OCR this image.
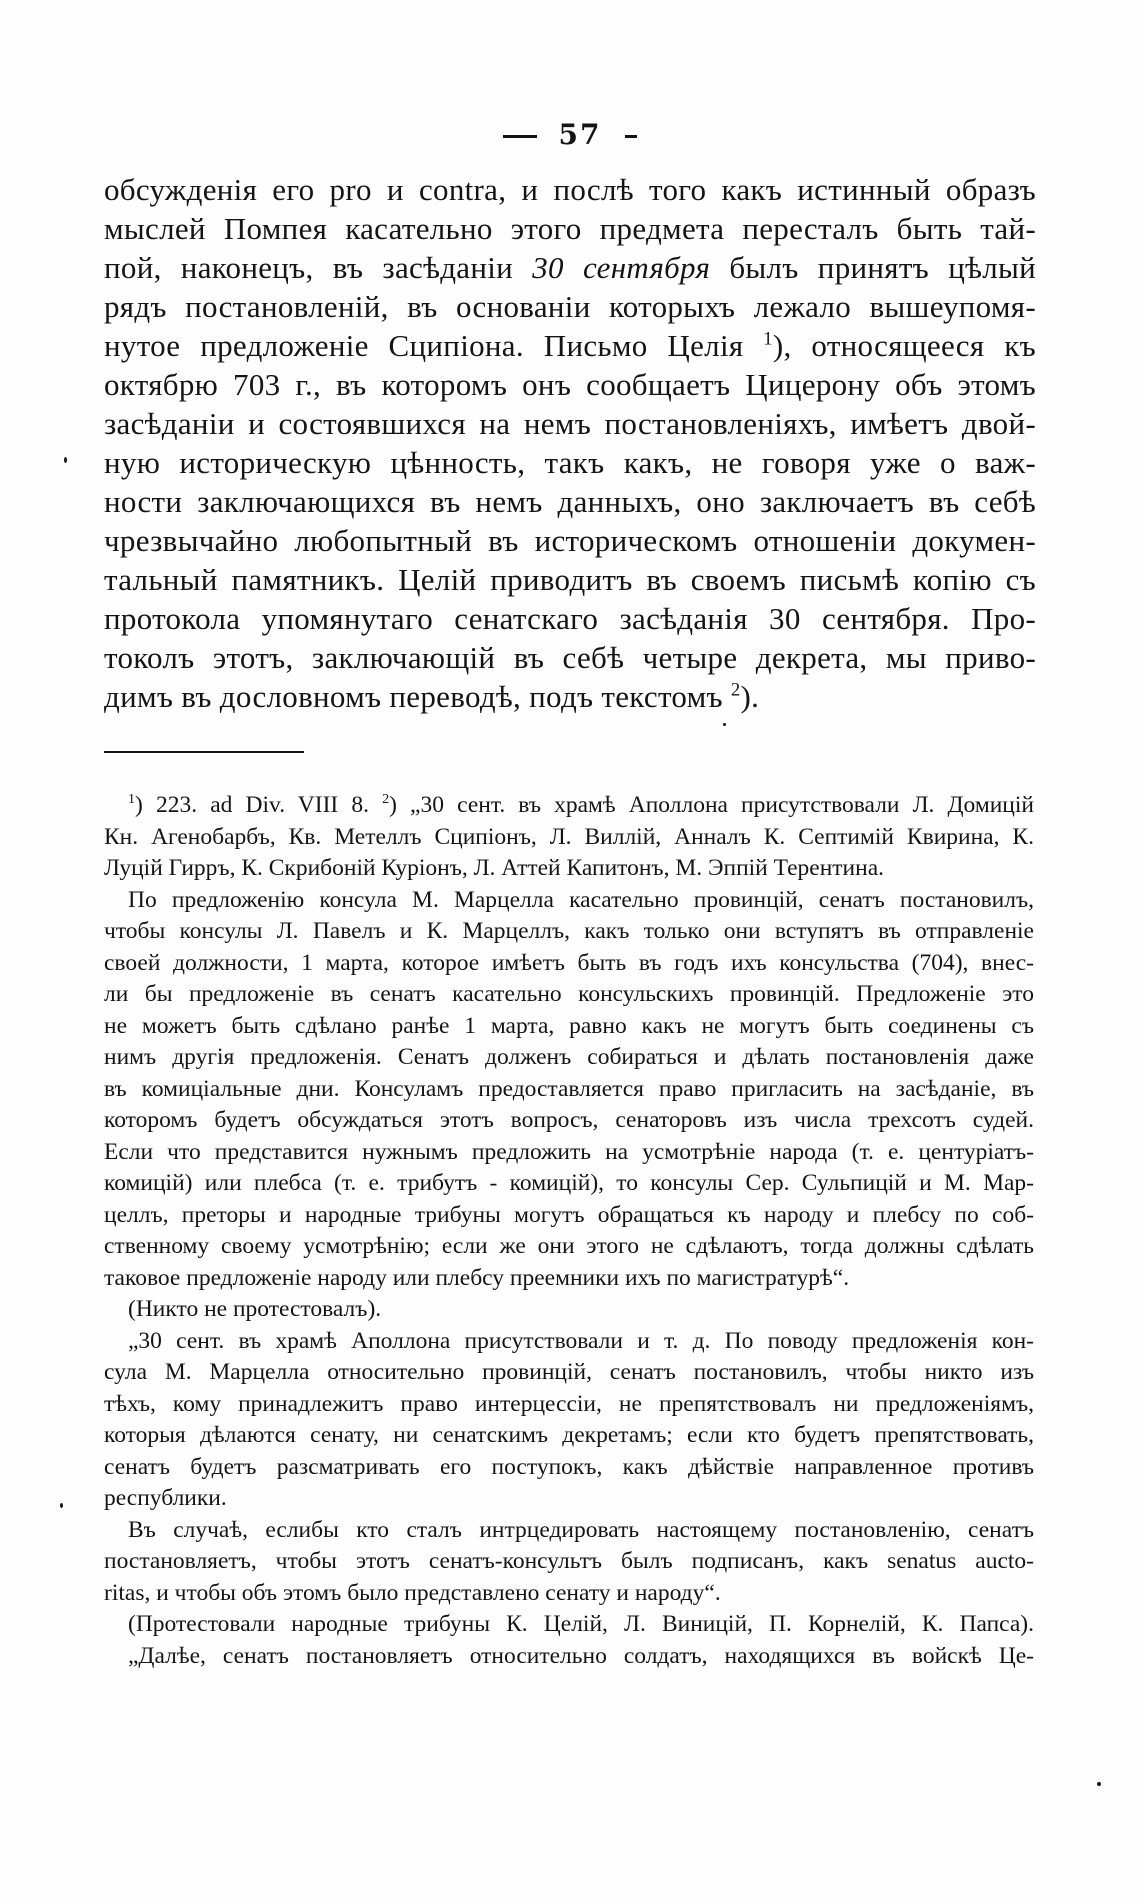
57
обсужденія его pro и contra, и послѣ того какъ истинный образъ
мыслей Помпея касательно этого предмета пересталъ быть тай-
пой, наконецъ, въ засѣданіи 30 сентября былъ принятъ цѣлый
рядъ постановленій, въ основаніи которыхъ лежало вышеупомя-
нутое предложеніе Сципіона. Письмо Целія $^1$), относящееся къ
октябрю 703 г., въ которомъ онъ сообщаетъ Цицерону объ этомъ
засѣданіи и состоявшихся на немъ постановленіяхъ, имѣетъ двой-
ную историческую цѣнность, такъ какъ, не говоря уже о важ-
ности заключающихся въ немъ данныхъ, оно заключаетъ въ себѣ
чрезвычайно любопытный въ историческомъ отношеніи докумен-
тальный памятникъ. Целій приводитъ въ своемъ письмѣ копію съ
протокола упомянутаго сенатскаго засѣданія 30 сентября. Про-
токолъ этотъ, заключающій въ себѣ четыре декрета, мы приво-
димъ въ дословномъ переводѣ, подъ текстомъ $^2$).
$^1$) 223. ad Div. VIII 8. $^2$) „30 сент. въ храмѣ Аполлона присутствовали Л. Домицій
Кн. Агенобарбъ, Кв. Метеллъ Сципіонъ, Л. Виллій, Анналъ К. Септимій Квирина, К.
Луцій Гирръ, К. Скрибоній Куріонъ, Л. Аттей Капитонъ, М. Эппій Терентина.
По предложенію консула М. Марцелла касательно провинцій, сенатъ постановилъ,
чтобы консулы Л. Павелъ и К. Марцеллъ, какъ только они вступятъ въ отправленіе
своей должности, 1 марта, которое имѣетъ быть въ годъ ихъ консульства (704), внес-
ли бы предложеніе въ сенатъ касательно консульскихъ провинцій. Предложеніе это
не можетъ быть сдѣлано ранѣе 1 марта, равно какъ не могутъ быть соединены съ
нимъ другія предложенія. Сенатъ долженъ собираться и дѣлать постановленія даже
въ комиціальные дни. Консуламъ предоставляется право пригласить на засѣданіе, въ
которомъ будетъ обсуждаться этотъ вопросъ, сенаторовъ изъ числа трехсотъ судей.
Если что представится нужнымъ предложить на усмотрѣніе народа (т. е. центуріатъ-
комицій) или плебса (т. е. трибутъ - комицій), то консулы Сер. Сульпицій и М. Мар-
целлъ, преторы и народные трибуны могутъ обращаться къ народу и плебсу по соб-
ственному своему усмотрѣнію; если же они этого не сдѣлаютъ, тогда должны сдѣлать
таковое предложеніе народу или плебсу преемники ихъ по магистратурѣ“.
(Никто не протестовалъ).
„30 сент. въ храмѣ Аполлона присутствовали и т. д. По поводу предложенія кон-
сула М. Марцелла относительно провинцій, сенатъ постановилъ, чтобы никто изъ
тѣхъ, кому принадлежитъ право интерцессіи, не препятствовалъ ни предложеніямъ,
которыя дѣлаются сенату, ни сенатскимъ декретамъ; если кто будетъ препятствовать,
сенатъ будетъ разсматривать его поступокъ, какъ дѣйствіе направленное противъ
республики.
Въ случаѣ, еслибы кто сталъ интрцедировать настоящему постановленію, сенатъ
постановляетъ, чтобы этотъ сенатъ-консультъ былъ подписанъ, какъ senatus aucto-
ritas, и чтобы объ этомъ было представлено сенату и народу“.
(Протестовали народные трибуны К. Целій, Л. Виницій, П. Корнелій, К. Папса).
„Далѣе, сенатъ постановляетъ относительно солдатъ, находящихся въ войскѣ Це-
